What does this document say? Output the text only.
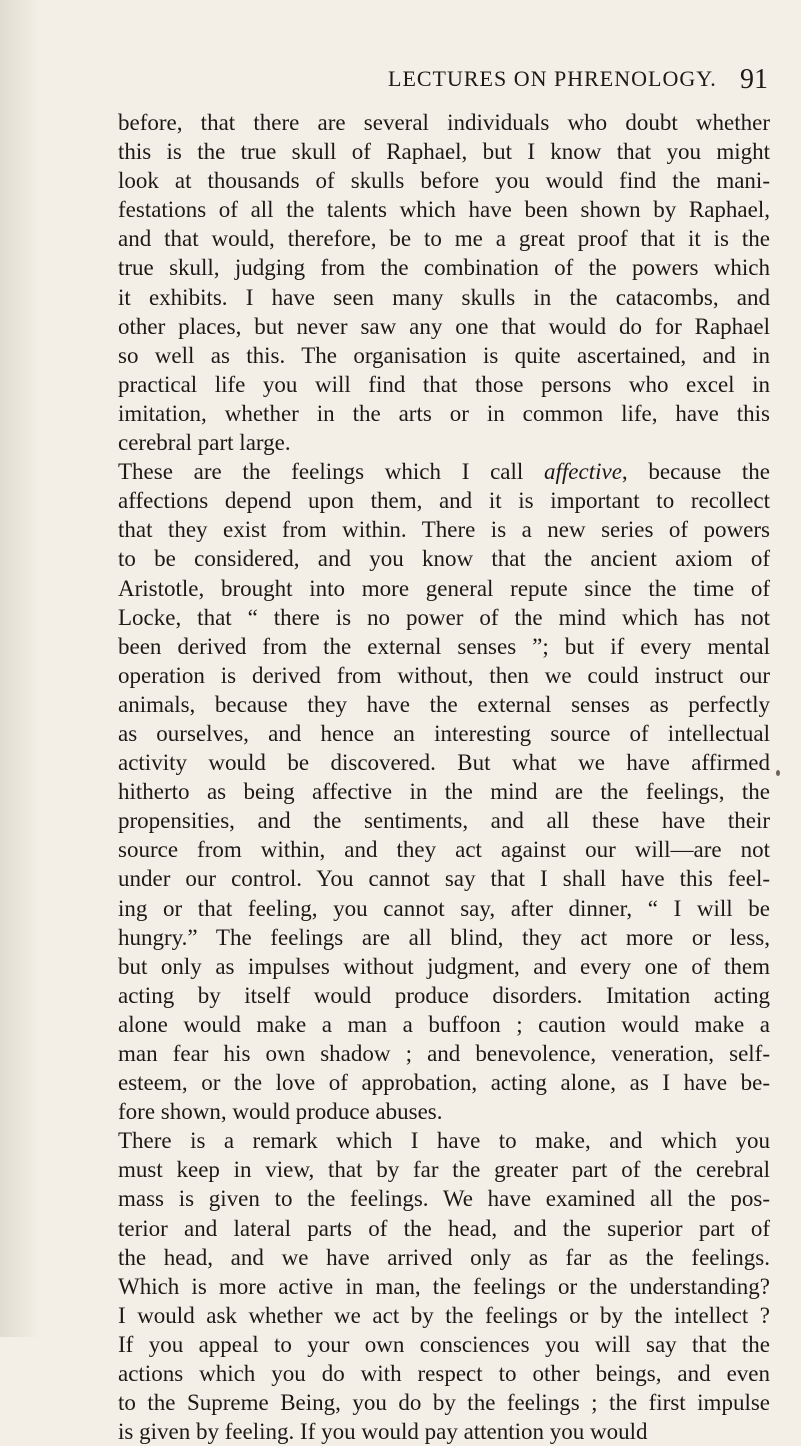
LECTURES ON PHRENOLOGY. 91
before, that there are several individuals who doubt whether
this is the true skull of Raphael, but I know that you might
look at thousands of skulls before you would find the mani-
festations of all the talents which have been shown by Raphael,
and that would, therefore, be to me a great proof that it is the
true skull, judging from the combination of the powers which
it exhibits. I have seen many skulls in the catacombs, and
other places, but never saw any one that would do for Raphael
so well as this. The organisation is quite ascertained, and in
practical life you will find that those persons who excel in
imitation, whether in the arts or in common life, have this
cerebral part large.
These are the feelings which I call affective, because the
affections depend upon them, and it is important to recollect
that they exist from within. There is a new series of powers
to be considered, and you know that the ancient axiom of
Aristotle, brought into more general repute since the time of
Locke, that “ there is no power of the mind which has not
been derived from the external senses ”; but if every mental
operation is derived from without, then we could instruct our
animals, because they have the external senses as perfectly
as ourselves, and hence an interesting source of intellectual
activity would be discovered. But what we have affirmed
hitherto as being affective in the mind are the feelings, the
propensities, and the sentiments, and all these have their
source from within, and they act against our will—are not
under our control. You cannot say that I shall have this feel-
ing or that feeling, you cannot say, after dinner, “ I will be
hungry.” The feelings are all blind, they act more or less,
but only as impulses without judgment, and every one of them
acting by itself would produce disorders. Imitation acting
alone would make a man a buffoon ; caution would make a
man fear his own shadow ; and benevolence, veneration, self-
esteem, or the love of approbation, acting alone, as I have be-
fore shown, would produce abuses.
There is a remark which I have to make, and which you
must keep in view, that by far the greater part of the cerebral
mass is given to the feelings. We have examined all the pos-
terior and lateral parts of the head, and the superior part of
the head, and we have arrived only as far as the feelings.
Which is more active in man, the feelings or the understanding?
I would ask whether we act by the feelings or by the intellect ?
If you appeal to your own consciences you will say that the
actions which you do with respect to other beings, and even
to the Supreme Being, you do by the feelings ; the first impulse
is given by feeling. If you would pay attention you would
